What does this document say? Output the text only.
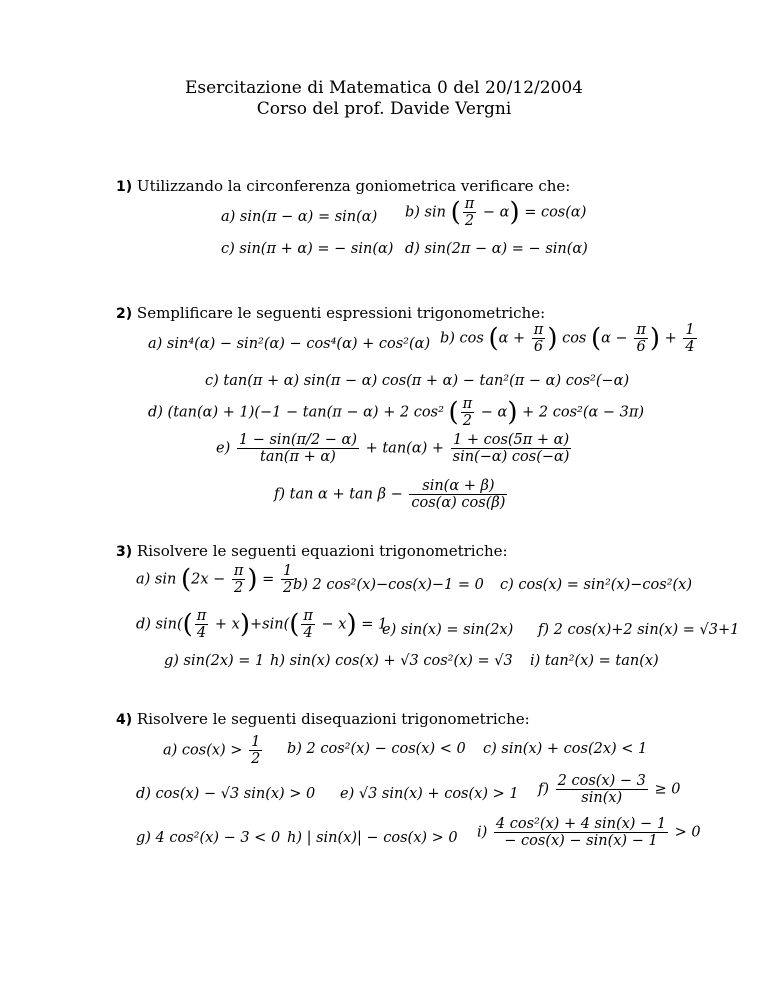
Esercitazione di Matematica 0 del 20/12/2004
Corso del prof. Davide Vergni
1) Utilizzando la circonferenza goniometrica verificare che:
a) sin(π − α) = sin(α) b) sin ( $\frac{\pi}{2} - \alpha) = \cos(\alpha)$
c) sin(π + α) = − sin(α) d) sin(2π − α) = − sin(α)
2) Semplificare le seguenti espressioni trigonometriche:
a) sin⁴(α) − sin²(α) − cos⁴(α) + cos²(α) b) $\cos (\alpha + \frac{\pi}{6}$ ) $\cos (\alpha - \frac{\pi}{6}$ ) + $\frac{1}{4}$
c) tan(π + α) sin(π − α) cos(π + α) − tan²(π − α) cos²(−α)
d) (tan(α) + 1)(−1 − tan(π − α) + 2 cos² ( $\frac{\pi}{2} - \alpha) + 2$ cos²(α − 3π)
$e) \frac{1 - \sin(\pi/2 - \alpha)}{\tan(\pi + \alpha)} + \tan(\alpha) + \frac{1 + \cos(5\pi + \alpha)}{\sin(-\alpha) \cos(-\alpha)}$
f) $\tan \alpha + \tan \beta - \frac{\sin(\alpha + \beta)}{\cos(\alpha) \cos(\beta)}$
3) Risolvere le seguenti equazioni trigonometriche:
a) $\sin (2x - \frac{\pi}{2}$ ) = $\frac{1}{2}$
b) 2 cos²(x)−cos(x)−1 = 0 c) cos(x) = sin²(x)−cos²(x)
d) $\sin(( \frac{\pi}{4} + x)+\sin(( \frac{\pi}{4} - x) = 1$
e) sin(x) = sin(2x) f) 2 cos(x)+2 sin(x) = √3+1
g) sin(2x) = 1 h) sin(x) cos(x) + √3 cos²(x) = √3 i) tan²(x) = tan(x)
4) Risolvere le seguenti disequazioni trigonometriche:
a) $\cos(x) > \frac{1}{2} b$) 2 cos²(x) − cos(x) < 0 c) sin(x) + cos(2x) < 1
d) cos(x) − √3 sin(x) > 0 e) √3 sin(x) + cos(x) > 1 $f) \frac{2 \cos(x) - 3}{\sin(x)} \ge 0$
g) 4 cos²(x) − 3 < 0 h) | sin(x)| − cos(x) > 0 $i) \frac{\text{4 cos²(x) + 4 sin(x) − 1}}{- \cos(x) - \sin(x) - 1} > 0$
